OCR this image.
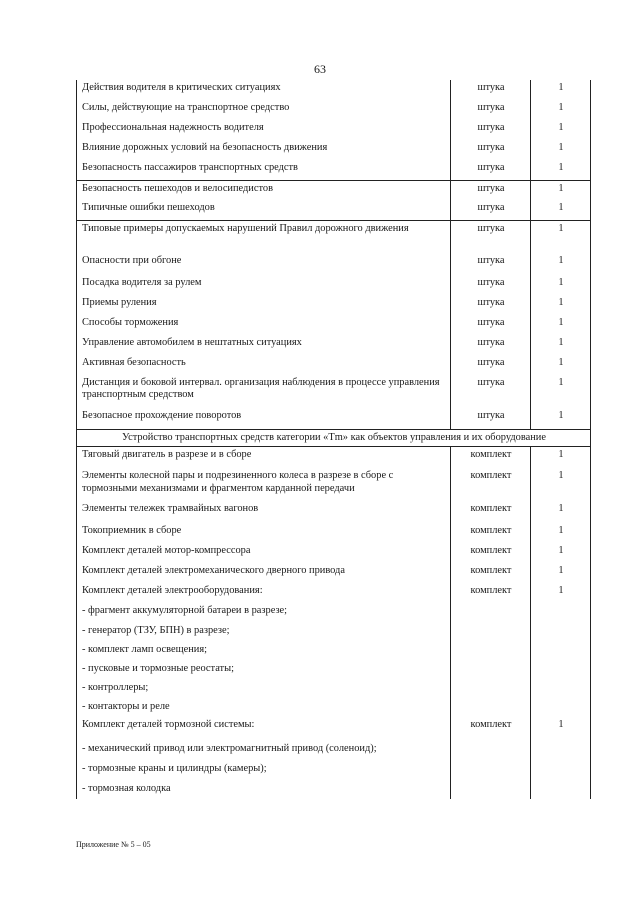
63
Действия водителя в критических ситуациях	штука	1
Силы, действующие на транспортное средство	штука	1
Профессиональная надежность водителя	штука	1
Влияние дорожных условий на безопасность движения	штука	1
Безопасность пассажиров транспортных средств	штука	1
Безопасность пешеходов и велосипедистов	штука	1
Типичные ошибки пешеходов	штука	1
Типовые примеры допускаемых нарушений Правил дорожного движения	штука	1
Опасности при обгоне	штука	1
Посадка водителя за рулем	штука	1
Приемы руления	штука	1
Способы торможения	штука	1
Управление автомобилем в нештатных ситуациях	штука	1
Активная безопасность	штука	1
Дистанция и боковой интервал. организация наблюдения в процессе управления транспортным средством	штука	1
Безопасное прохождение поворотов	штука	1
Устройство транспортных средств категории «Tm» как объектов управления и их оборудование		
Тяговый двигатель в разрезе и в сборе	комплект	1
Элементы колесной пары и подрезиненного колеса в разрезе в сборе с тормозными механизмами и фрагментом карданной передачи	комплект	1
Элементы тележек трамвайных вагонов	комплект	1
Токоприемник в сборе	комплект	1
Комплект деталей мотор-компрессора	комплект	1
Комплект деталей электромеханического дверного привода	комплект	1
Комплект деталей электрооборудования:	комплект	1
- фрагмент аккумуляторной батареи в разрезе;		
- генератор (ТЗУ, БПН) в разрезе;		
- комплект ламп освещения;		
- пусковые и тормозные реостаты;		
- контроллеры;		
- контакторы и реле		
Комплект деталей тормозной системы:	комплект	1
- механический привод или электромагнитный привод (соленоид);		
- тормозные краны и цилиндры (камеры);		
- тормозная колодка		
Приложение № 5 – 05
